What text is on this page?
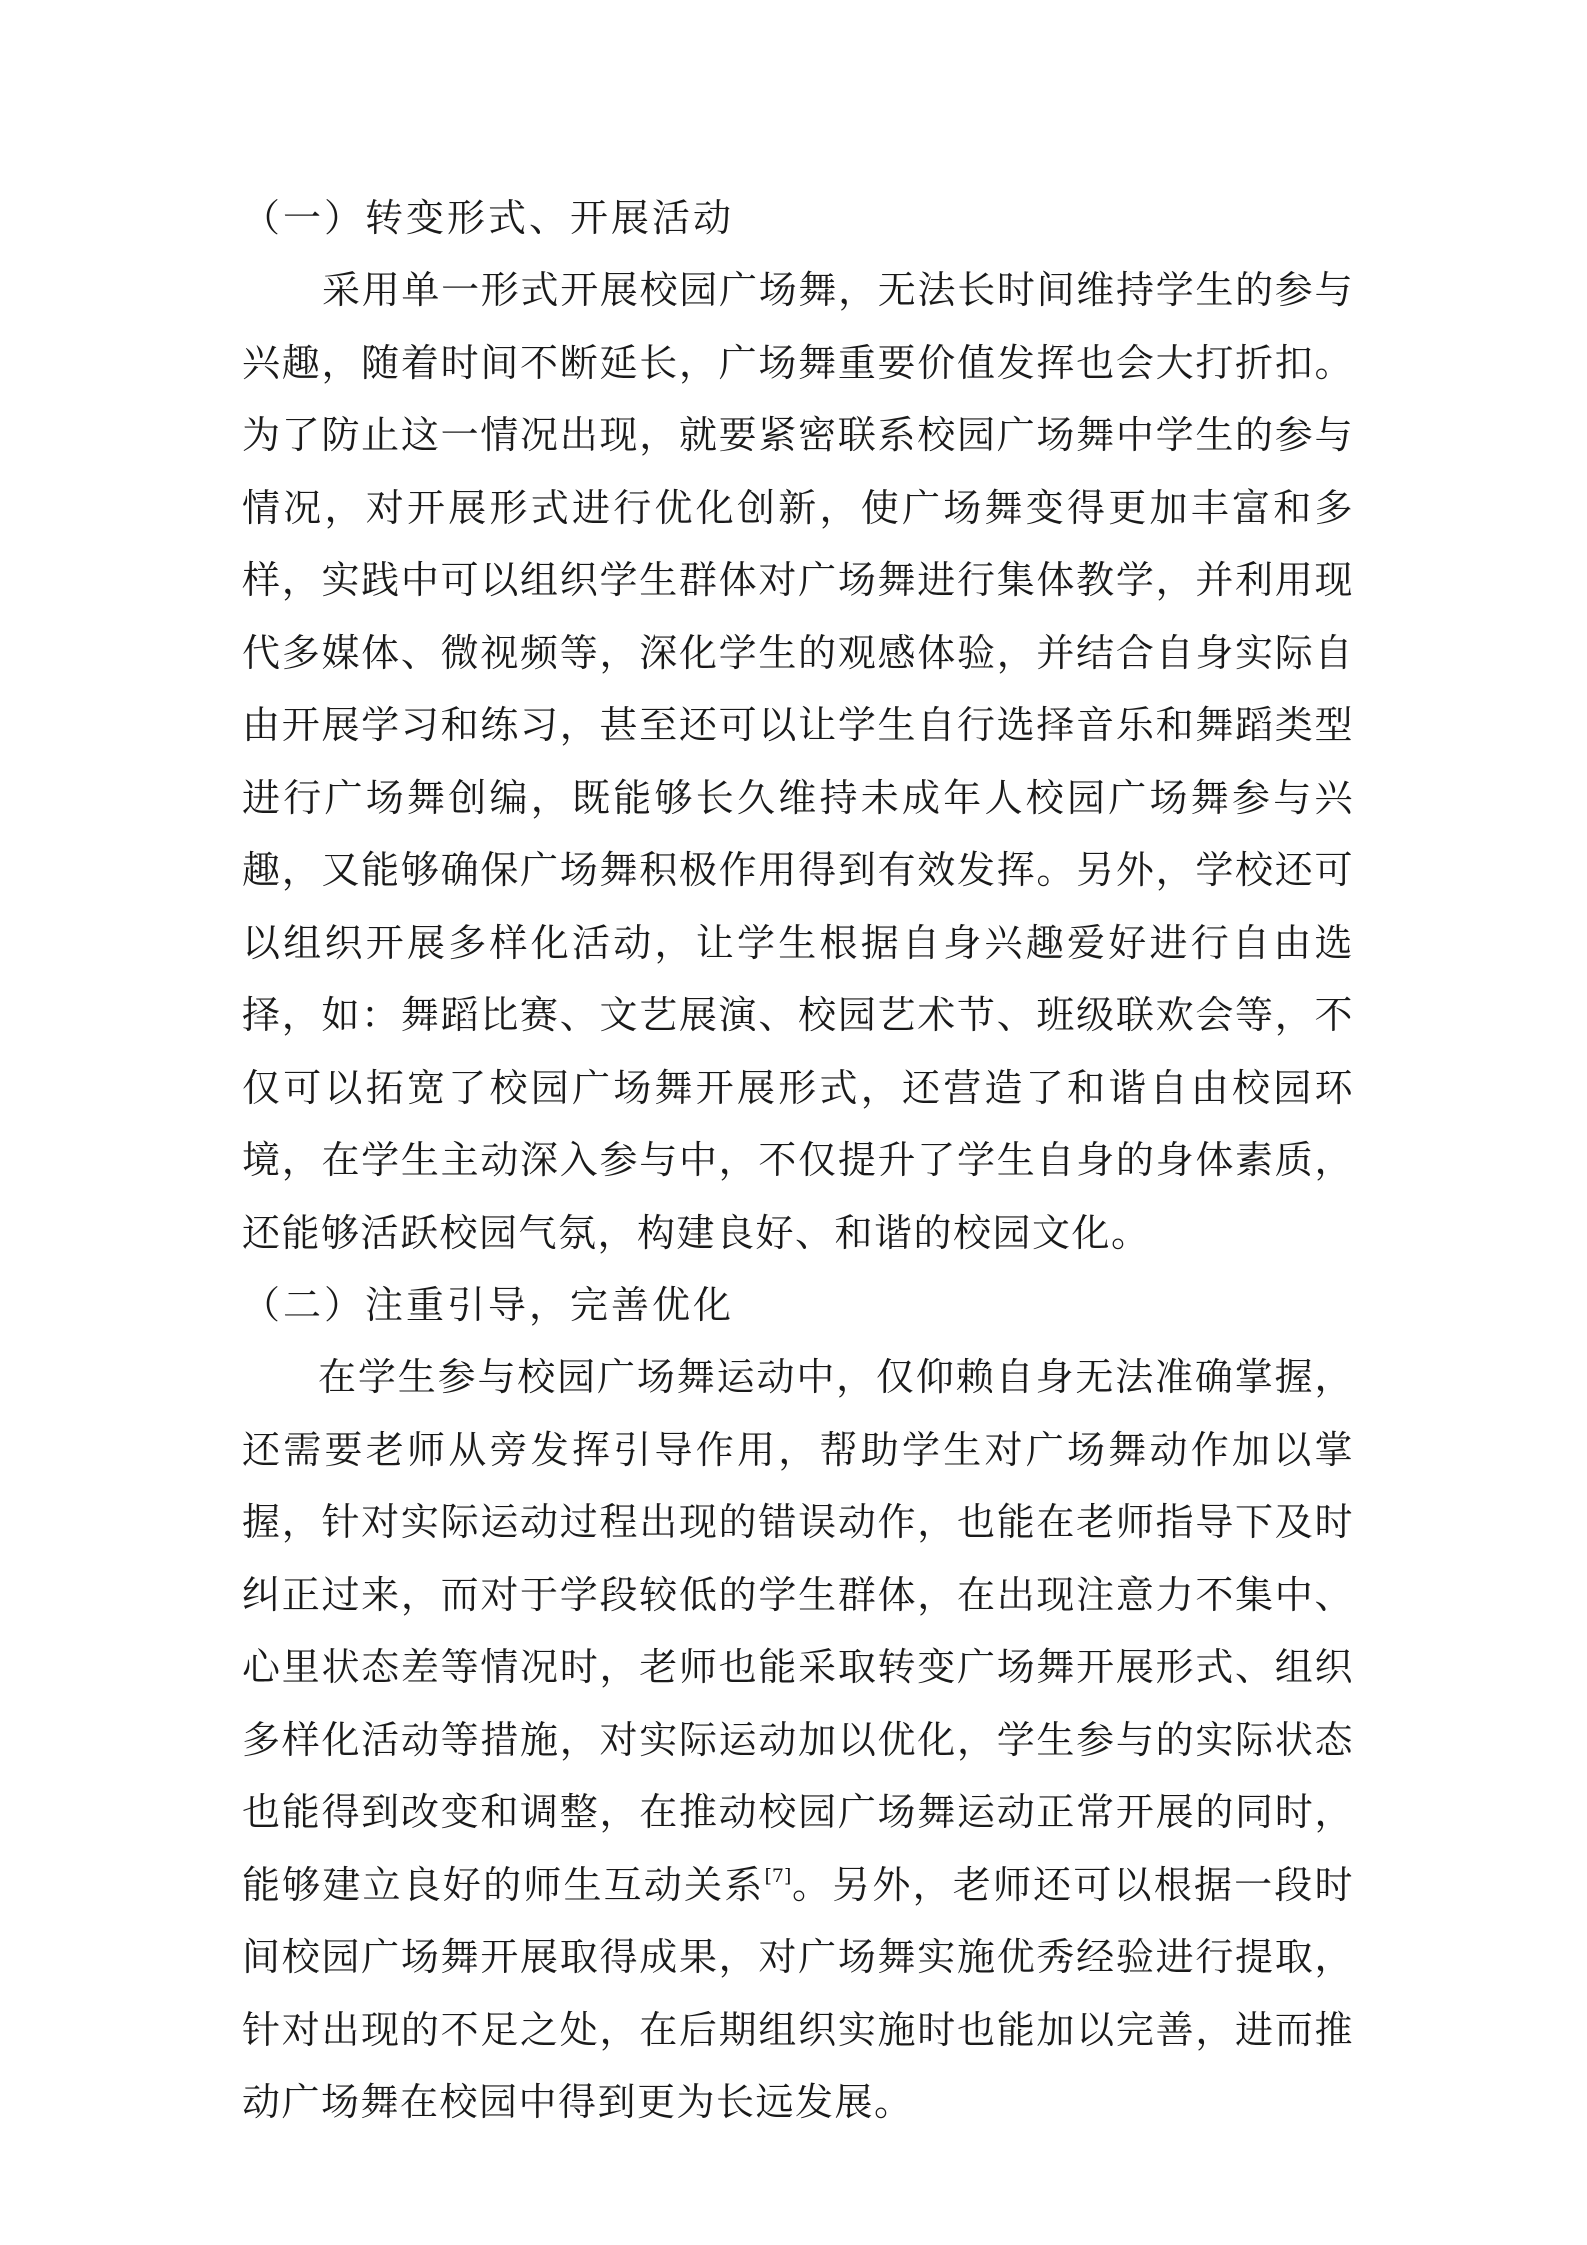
（一）转变形式、开展活动

采用单一形式开展校园广场舞，无法长时间维持学生的参与兴趣，随着时间不断延长，广场舞重要价值发挥也会大打折扣。为了防止这一情况出现，就要紧密联系校园广场舞中学生的参与情况，对开展形式进行优化创新，使广场舞变得更加丰富和多样，实践中可以组织学生群体对广场舞进行集体教学，并利用现代多媒体、微视频等，深化学生的观感体验，并结合自身实际自由开展学习和练习，甚至还可以让学生自行选择音乐和舞蹈类型进行广场舞创编，既能够长久维持未成年人校园广场舞参与兴趣，又能够确保广场舞积极作用得到有效发挥。另外，学校还可以组织开展多样化活动，让学生根据自身兴趣爱好进行自由选择，如：舞蹈比赛、文艺展演、校园艺术节、班级联欢会等，不仅可以拓宽了校园广场舞开展形式，还营造了和谐自由校园环境，在学生主动深入参与中，不仅提升了学生自身的身体素质，还能够活跃校园气氛，构建良好、和谐的校园文化。

（二）注重引导，完善优化

在学生参与校园广场舞运动中，仅仰赖自身无法准确掌握，还需要老师从旁发挥引导作用，帮助学生对广场舞动作加以掌握，针对实际运动过程出现的错误动作，也能在老师指导下及时纠正过来，而对于学段较低的学生群体，在出现注意力不集中、心里状态差等情况时，老师也能采取转变广场舞开展形式、组织多样化活动等措施，对实际运动加以优化，学生参与的实际状态也能得到改变和调整，在推动校园广场舞运动正常开展的同时，能够建立良好的师生互动关系[7]。另外，老师还可以根据一段时间校园广场舞开展取得成果，对广场舞实施优秀经验进行提取，针对出现的不足之处，在后期组织实施时也能加以完善，进而推动广场舞在校园中得到更为长远发展。
